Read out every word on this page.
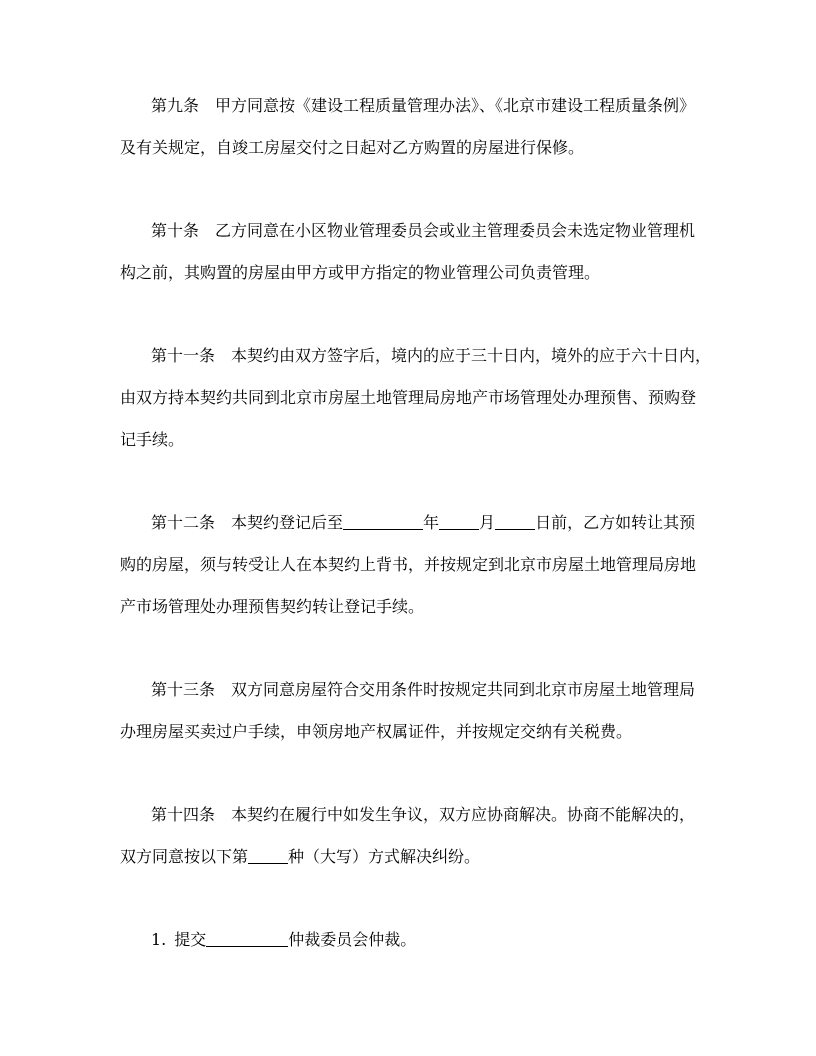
第九条 甲方同意按《建设工程质量管理办法》、《北京市建设工程质量条例》
及有关规定，自竣工房屋交付之日起对乙方购置的房屋进行保修。
第十条 乙方同意在小区物业管理委员会或业主管理委员会未选定物业管理机
构之前，其购置的房屋由甲方或甲方指定的物业管理公司负责管理。
第十一条 本契约由双方签字后，境内的应于三十日内，境外的应于六十日内，
由双方持本契约共同到北京市房屋土地管理局房地产市场管理处办理预售、预购登
记手续。
第十二条 本契约登记后至	年	月	日前，乙方如转让其预
购的房屋，须与转受让人在本契约上背书，并按规定到北京市房屋土地管理局房地
产市场管理处办理预售契约转让登记手续。
第十三条 双方同意房屋符合交用条件时按规定共同到北京市房屋土地管理局
办理房屋买卖过户手续，申领房地产权属证件，并按规定交纳有关税费。
第十四条 本契约在履行中如发生争议，双方应协商解决。协商不能解决的，
双方同意按以下第	种（大写）方式解决纠纷。
1. 提交	仲裁委员会仲裁。
